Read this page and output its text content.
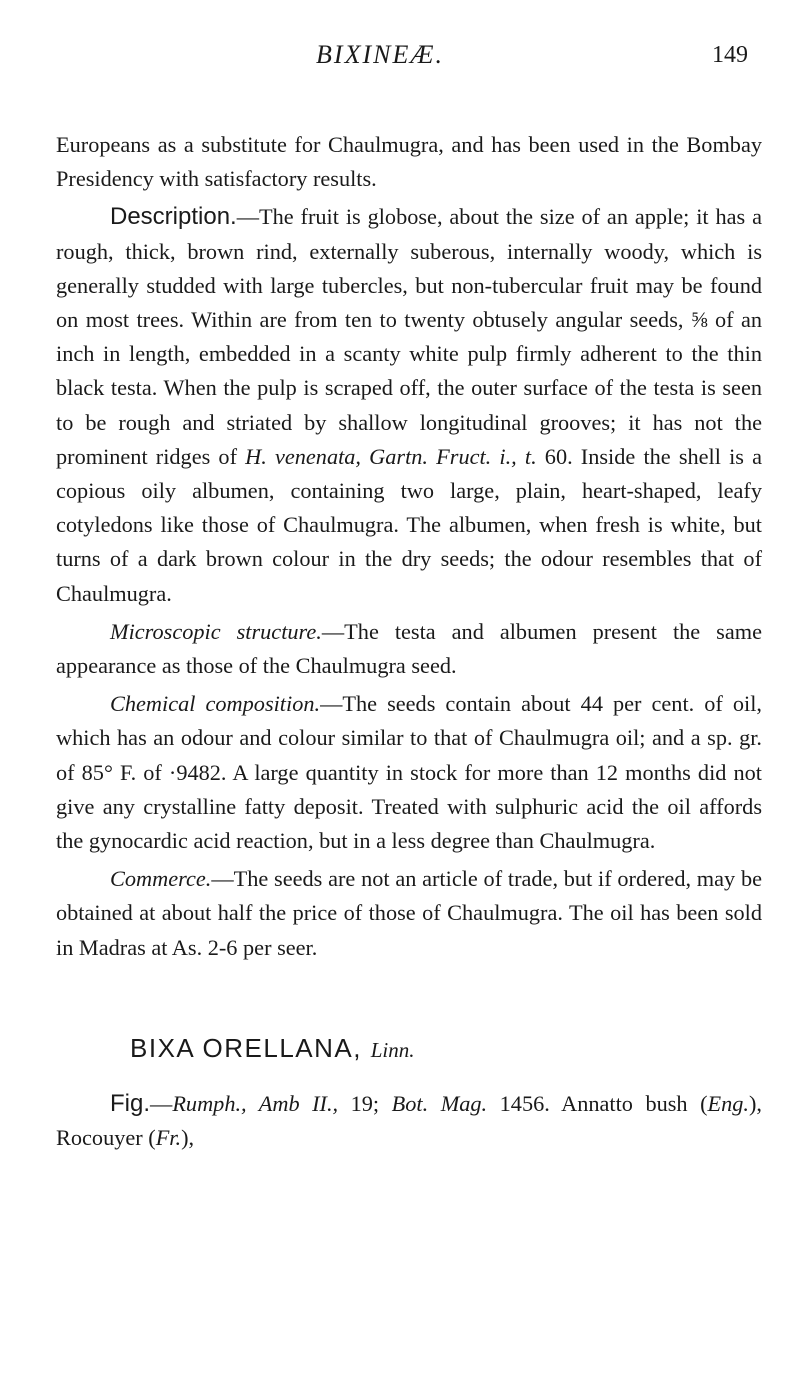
BIXINEÆ.	149

Europeans as a substitute for Chaulmugra, and has been used in the Bombay Presidency with satisfactory results.

Description.—The fruit is globose, about the size of an apple; it has a rough, thick, brown rind, externally suberous, internally woody, which is generally studded with large tubercles, but non-tubercular fruit may be found on most trees. Within are from ten to twenty obtusely angular seeds, ⅝ of an inch in length, embedded in a scanty white pulp firmly adherent to the thin black testa. When the pulp is scraped off, the outer surface of the testa is seen to be rough and striated by shallow longitudinal grooves; it has not the prominent ridges of H. venenata, Gartn. Fruct. i., t. 60. Inside the shell is a copious oily albumen, containing two large, plain, heart-shaped, leafy cotyledons like those of Chaulmugra. The albumen, when fresh is white, but turns of a dark brown colour in the dry seeds; the odour resembles that of Chaulmugra.

Microscopic structure.—The testa and albumen present the same appearance as those of the Chaulmugra seed.

Chemical composition.—The seeds contain about 44 per cent. of oil, which has an odour and colour similar to that of Chaulmugra oil; and a sp. gr. of 85° F. of ·9482. A large quantity in stock for more than 12 months did not give any crystalline fatty deposit. Treated with sulphuric acid the oil affords the gynocardic acid reaction, but in a less degree than Chaulmugra.

Commerce.—The seeds are not an article of trade, but if ordered, may be obtained at about half the price of those of Chaulmugra. The oil has been sold in Madras at As. 2-6 per seer.

BIXA ORELLANA, Linn.

Fig.—Rumph., Amb II., 19; Bot. Mag. 1456. Annatto bush (Eng.), Rocouyer (Fr.),
